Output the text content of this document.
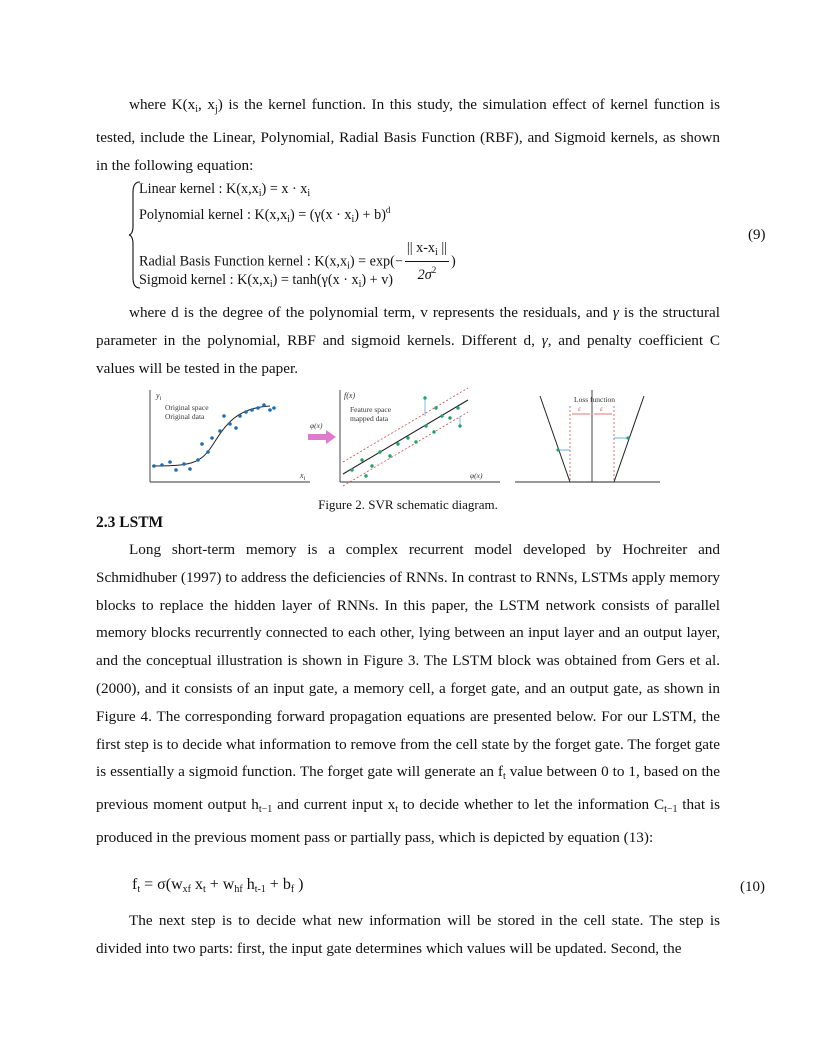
where $K(x_i$, $x_j$) is the kernel function. In this study, the simulation effect of kernel function is tested, include the Linear, Polynomial, Radial Basis Function (RBF), and Sigmoid kernels, as shown in the following equation:

Linear kernel : $K(x,x_i) = x \cdot x_i$
Polynomial kernel : $K(x,x_i) = (\gamma(x \cdot x_i) + b)^d$
Radial Basis Function kernel : $K(x,x_i) = \exp(- \frac{|| x-x_i ||}{2\sigma^2}$ )
Sigmoid kernel : $K(x,x_i) = \tanh(\gamma(x \cdot x_i) + v)$
(9)

where d is the degree of the polynomial term, v represents the residuals, and γ is the structural parameter in the polynomial, RBF and sigmoid kernels. Different d, γ, and penalty coefficient C values will be tested in the paper.

$y_i$
$x_i$
Original space
Original data
φ(x)
f(x)
Feature space
mapped data
φ(x)
Loss function
ε	ε
Figure 2. SVR schematic diagram.
2.3 LSTM

Long short-term memory is a complex recurrent model developed by Hochreiter and Schmidhuber (1997) to address the deficiencies of RNNs. In contrast to RNNs, LSTMs apply memory blocks to replace the hidden layer of RNNs. In this paper, the LSTM network consists of parallel memory blocks recurrently connected to each other, lying between an input layer and an output layer, and the conceptual illustration is shown in Figure 3. The LSTM block was obtained from Gers et al. (2000), and it consists of an input gate, a memory cell, a forget gate, and an output gate, as shown in Figure 4. The corresponding forward propagation equations are presented below. For our LSTM, the first step is to decide what information to remove from the cell state by the forget gate. The forget gate is essentially a sigmoid function. The forget gate will generate an $f_t$ value between 0 to 1, based on the previous moment output $h_{t-1}$ and current input $x_t$ to decide whether to let the information $C_{t-1}$ that is produced in the previous moment pass or partially pass, which is depicted by equation (13):

$f_t = \sigma(w_{xf}$ $x_t + w_{hf}$ $h_{t-1} + b_f$ )	(10)

The next step is to decide what new information will be stored in the cell state. The step is divided into two parts: first, the input gate determines which values will be updated. Second, the
